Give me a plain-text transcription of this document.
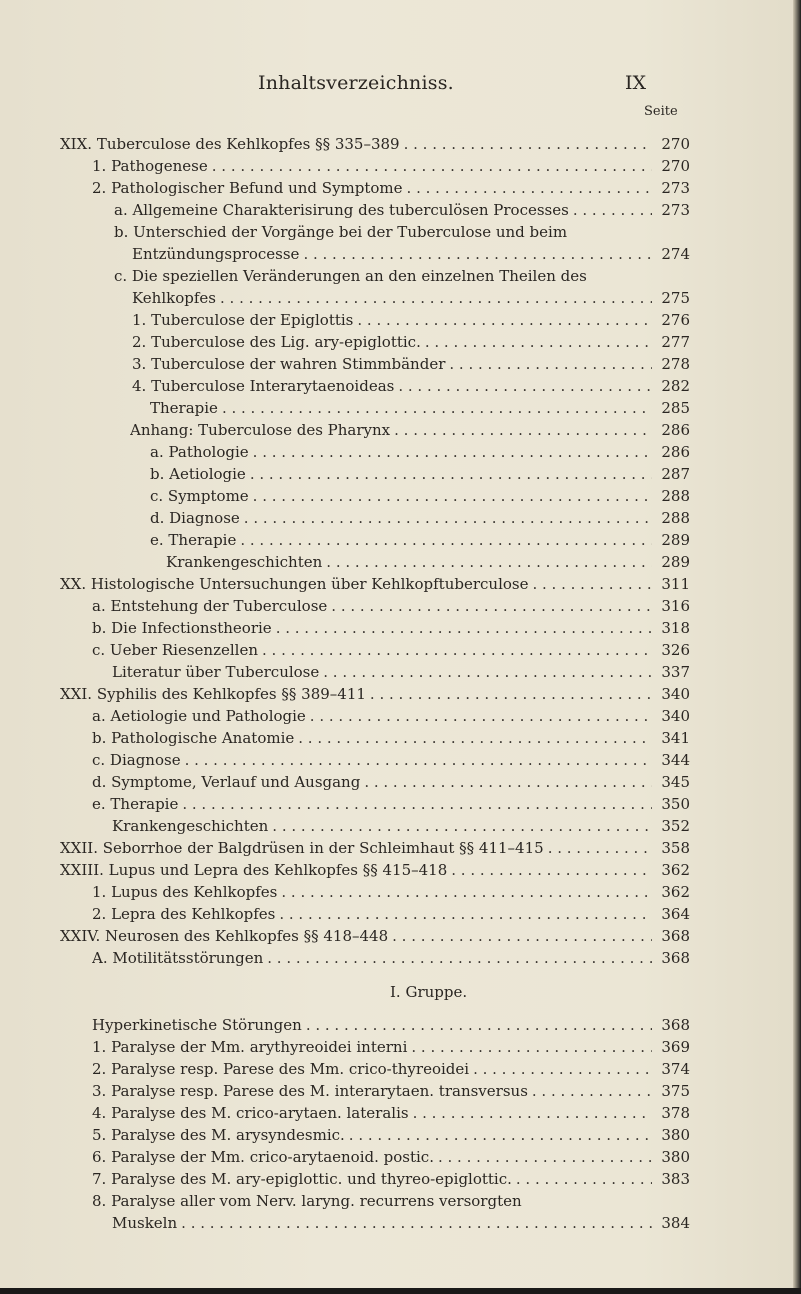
Inhaltsverzeichniss.	IX
Seite
XIX. Tuberculose des Kehlkopfes §§ 335–389 . . .	270
1. Pathogenese . . .	270
2. Pathologischer Befund und Symptome . . .	273
a. Allgemeine Charakterisirung des tuberculösen Processes . . .	273
b. Unterschied der Vorgänge bei der Tuberculose und beim
Entzündungsprocesse . . .	274
c. Die speziellen Veränderungen an den einzelnen Theilen des
Kehlkopfes . . .	275
1. Tuberculose der Epiglottis . . .	276
2. Tuberculose des Lig. ary-epiglottic. . . .	277
3. Tuberculose der wahren Stimmbänder . . .	278
4. Tuberculose Interarytaenoideas . . .	282
Therapie . . .	285
Anhang: Tuberculose des Pharynx . . .	286
a. Pathologie . . .	286
b. Aetiologie . . .	287
c. Symptome . . .	288
d. Diagnose . . .	288
e. Therapie . . .	289
Krankengeschichten . . .	289
XX. Histologische Untersuchungen über Kehlkopftuberculose . . .	311
a. Entstehung der Tuberculose . . .	316
b. Die Infectionstheorie . . .	318
c. Ueber Riesenzellen . . .	326
Literatur über Tuberculose . . .	337
XXI. Syphilis des Kehlkopfes §§ 389–411 . . .	340
a. Aetiologie und Pathologie . . .	340
b. Pathologische Anatomie . . .	341
c. Diagnose . . .	344
d. Symptome, Verlauf und Ausgang . . .	345
e. Therapie . . .	350
Krankengeschichten . . .	352
XXII. Seborrhoe der Balgdrüsen in der Schleimhaut §§ 411–415 . . .	358
XXIII. Lupus und Lepra des Kehlkopfes §§ 415–418 . . .	362
1. Lupus des Kehlkopfes . . .	362
2. Lepra des Kehlkopfes . . .	364
XXIV. Neurosen des Kehlkopfes §§ 418–448 . . .	368
A. Motilitätsstörungen . . .	368
Hyperkinetische Störungen . . .	368
1. Paralyse der Mm. arythyreoidei interni . . .	369
2. Paralyse resp. Parese des Mm. crico-thyreoidei . . .	374
3. Paralyse resp. Parese des M. interarytaen. transversus . . .	375
4. Paralyse des M. crico-arytaen. lateralis . . .	378
5. Paralyse des M. arysyndesmic. . . .	380
6. Paralyse der Mm. crico-arytaenoid. postic. . . .	380
7. Paralyse des M. ary-epiglottic. und thyreo-epiglottic. . . .	383
8. Paralyse aller vom Nerv. laryng. recurrens versorgten
Muskeln . . .	384
I. Gruppe.
